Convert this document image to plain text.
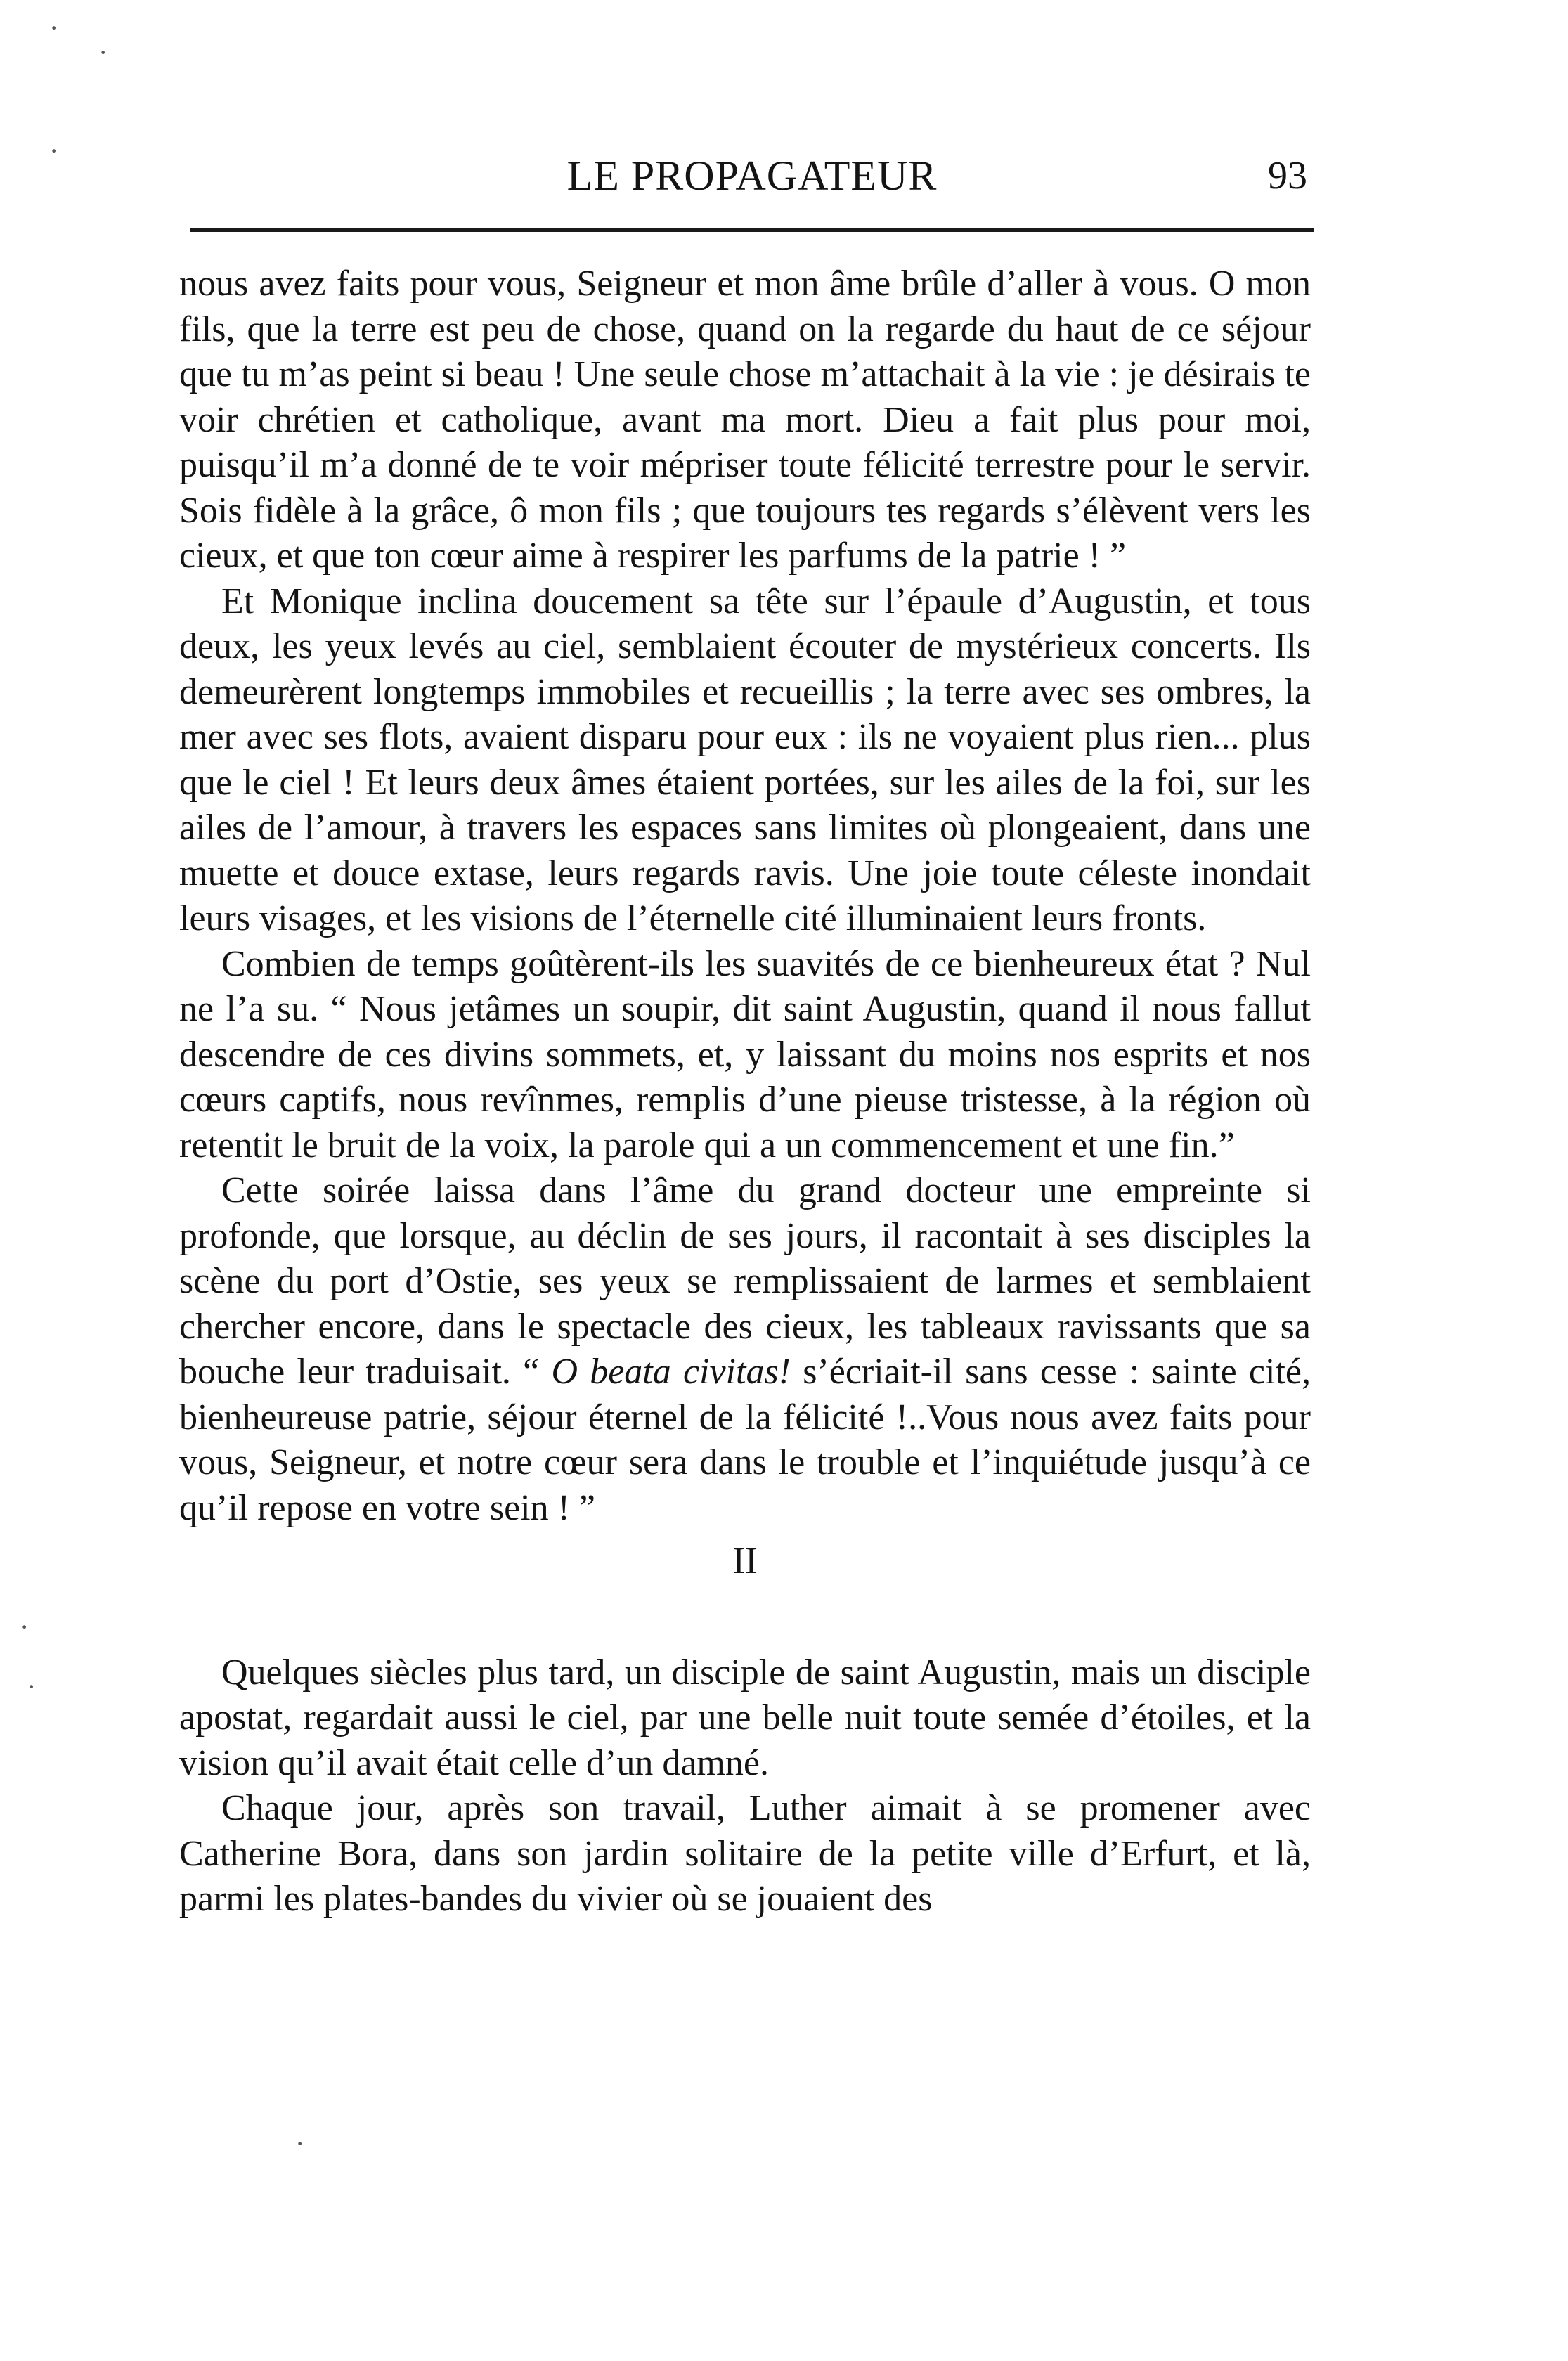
LE PROPAGATEUR	93

nous avez faits pour vous, Seigneur et mon âme brûle d’aller à vous. O mon fils, que la terre est peu de chose, quand on la regarde du haut de ce séjour que tu m’as peint si beau ! Une seule chose m’attachait à la vie : je désirais te voir chrétien et catholique, avant ma mort. Dieu a fait plus pour moi, puisqu’il m’a donné de te voir mépriser toute félicité terrestre pour le servir. Sois fidèle à la grâce, ô mon fils ; que toujours tes regards s’élèvent vers les cieux, et que ton cœur aime à respirer les parfums de la patrie ! ”

Et Monique inclina doucement sa tête sur l’épaule d’Augustin, et tous deux, les yeux levés au ciel, semblaient écouter de mystérieux concerts. Ils demeurèrent longtemps immobiles et recueillis ; la terre avec ses ombres, la mer avec ses flots, avaient disparu pour eux : ils ne voyaient plus rien... plus que le ciel ! Et leurs deux âmes étaient portées, sur les ailes de la foi, sur les ailes de l’amour, à travers les espaces sans limites où plongeaient, dans une muette et douce extase, leurs regards ravis. Une joie toute céleste inondait leurs visages, et les visions de l’éternelle cité illuminaient leurs fronts.

Combien de temps goûtèrent-ils les suavités de ce bienheureux état ? Nul ne l’a su. “ Nous jetâmes un soupir, dit saint Augustin, quand il nous fallut descendre de ces divins sommets, et, y laissant du moins nos esprits et nos cœurs captifs, nous revînmes, remplis d’une pieuse tristesse, à la région où retentit le bruit de la voix, la parole qui a un commencement et une fin.”

Cette soirée laissa dans l’âme du grand docteur une empreinte si profonde, que lorsque, au déclin de ses jours, il racontait à ses disciples la scène du port d’Ostie, ses yeux se remplissaient de larmes et semblaient chercher encore, dans le spectacle des cieux, les tableaux ravissants que sa bouche leur traduisait. “ O beata civitas! s’écriait-il sans cesse : sainte cité, bienheureuse patrie, séjour éternel de la félicité !..Vous nous avez faits pour vous, Seigneur, et notre cœur sera dans le trouble et l’inquiétude jusqu’à ce qu’il repose en votre sein ! ”

II

Quelques siècles plus tard, un disciple de saint Augustin, mais un disciple apostat, regardait aussi le ciel, par une belle nuit toute semée d’étoiles, et la vision qu’il avait était celle d’un damné.

Chaque jour, après son travail, Luther aimait à se promener avec Catherine Bora, dans son jardin solitaire de la petite ville d’Erfurt, et là, parmi les plates-bandes du vivier où se jouaient des

·
·
·
·
·
·
